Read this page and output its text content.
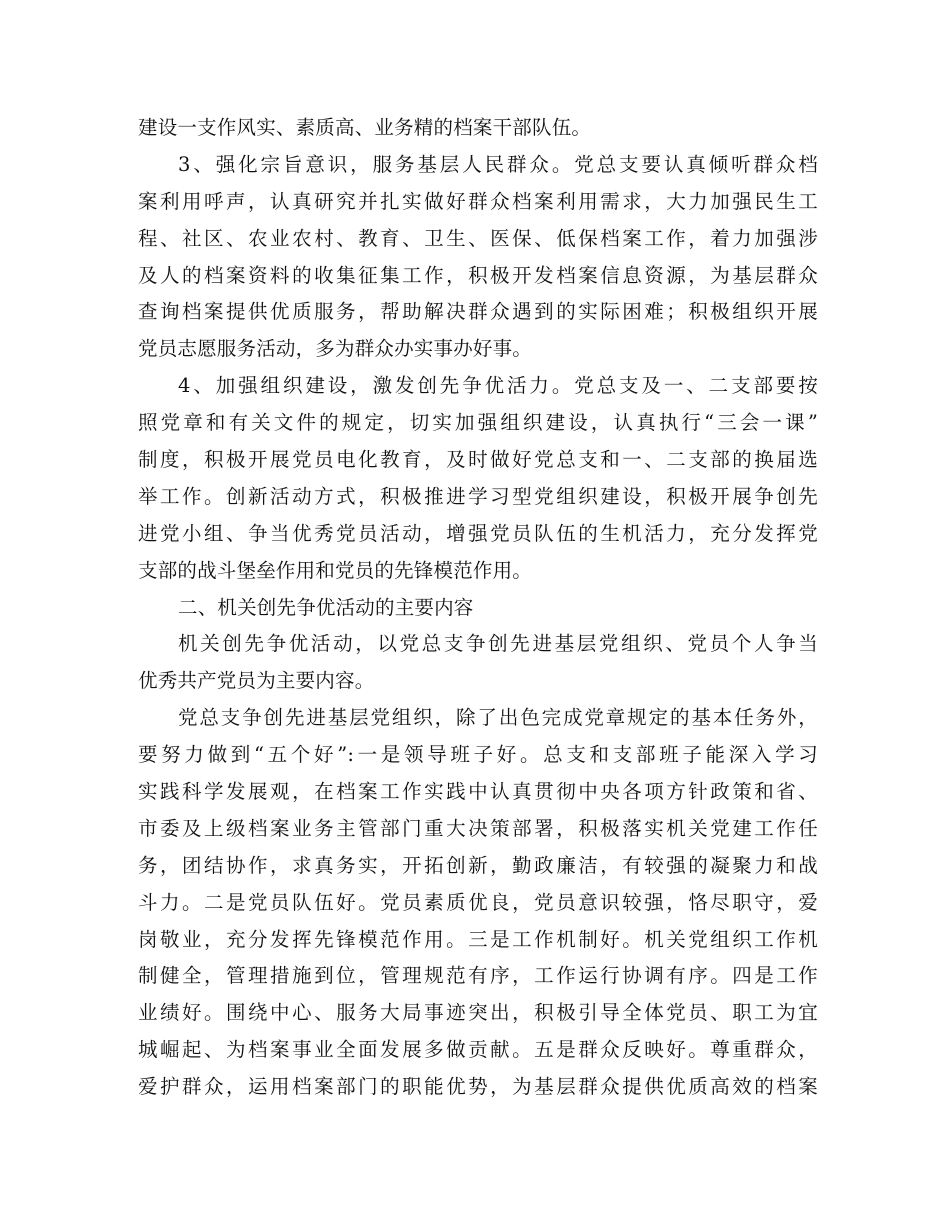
建设一支作风实、素质高、业务精的档案干部队伍。
3、强化宗旨意识，服务基层人民群众。党总支要认真倾听群众档
案利用呼声，认真研究并扎实做好群众档案利用需求，大力加强民生工
程、社区、农业农村、教育、卫生、医保、低保档案工作，着力加强涉
及人的档案资料的收集征集工作，积极开发档案信息资源，为基层群众
查询档案提供优质服务，帮助解决群众遇到的实际困难；积极组织开展
党员志愿服务活动，多为群众办实事办好事。
4、加强组织建设，激发创先争优活力。党总支及一、二支部要按
照党章和有关文件的规定，切实加强组织建设，认真执行“三会一课”
制度，积极开展党员电化教育，及时做好党总支和一、二支部的换届选
举工作。创新活动方式，积极推进学习型党组织建设，积极开展争创先
进党小组、争当优秀党员活动，增强党员队伍的生机活力，充分发挥党
支部的战斗堡垒作用和党员的先锋模范作用。
二、机关创先争优活动的主要内容
机关创先争优活动，以党总支争创先进基层党组织、党员个人争当
优秀共产党员为主要内容。
党总支争创先进基层党组织，除了出色完成党章规定的基本任务外，
要努力做到“五个好”:一是领导班子好。总支和支部班子能深入学习
实践科学发展观，在档案工作实践中认真贯彻中央各项方针政策和省、
市委及上级档案业务主管部门重大决策部署，积极落实机关党建工作任
务，团结协作，求真务实，开拓创新，勤政廉洁，有较强的凝聚力和战
斗力。二是党员队伍好。党员素质优良，党员意识较强，恪尽职守，爱
岗敬业，充分发挥先锋模范作用。三是工作机制好。机关党组织工作机
制健全，管理措施到位，管理规范有序，工作运行协调有序。四是工作
业绩好。围绕中心、服务大局事迹突出，积极引导全体党员、职工为宜
城崛起、为档案事业全面发展多做贡献。五是群众反映好。尊重群众，
爱护群众，运用档案部门的职能优势，为基层群众提供优质高效的档案
